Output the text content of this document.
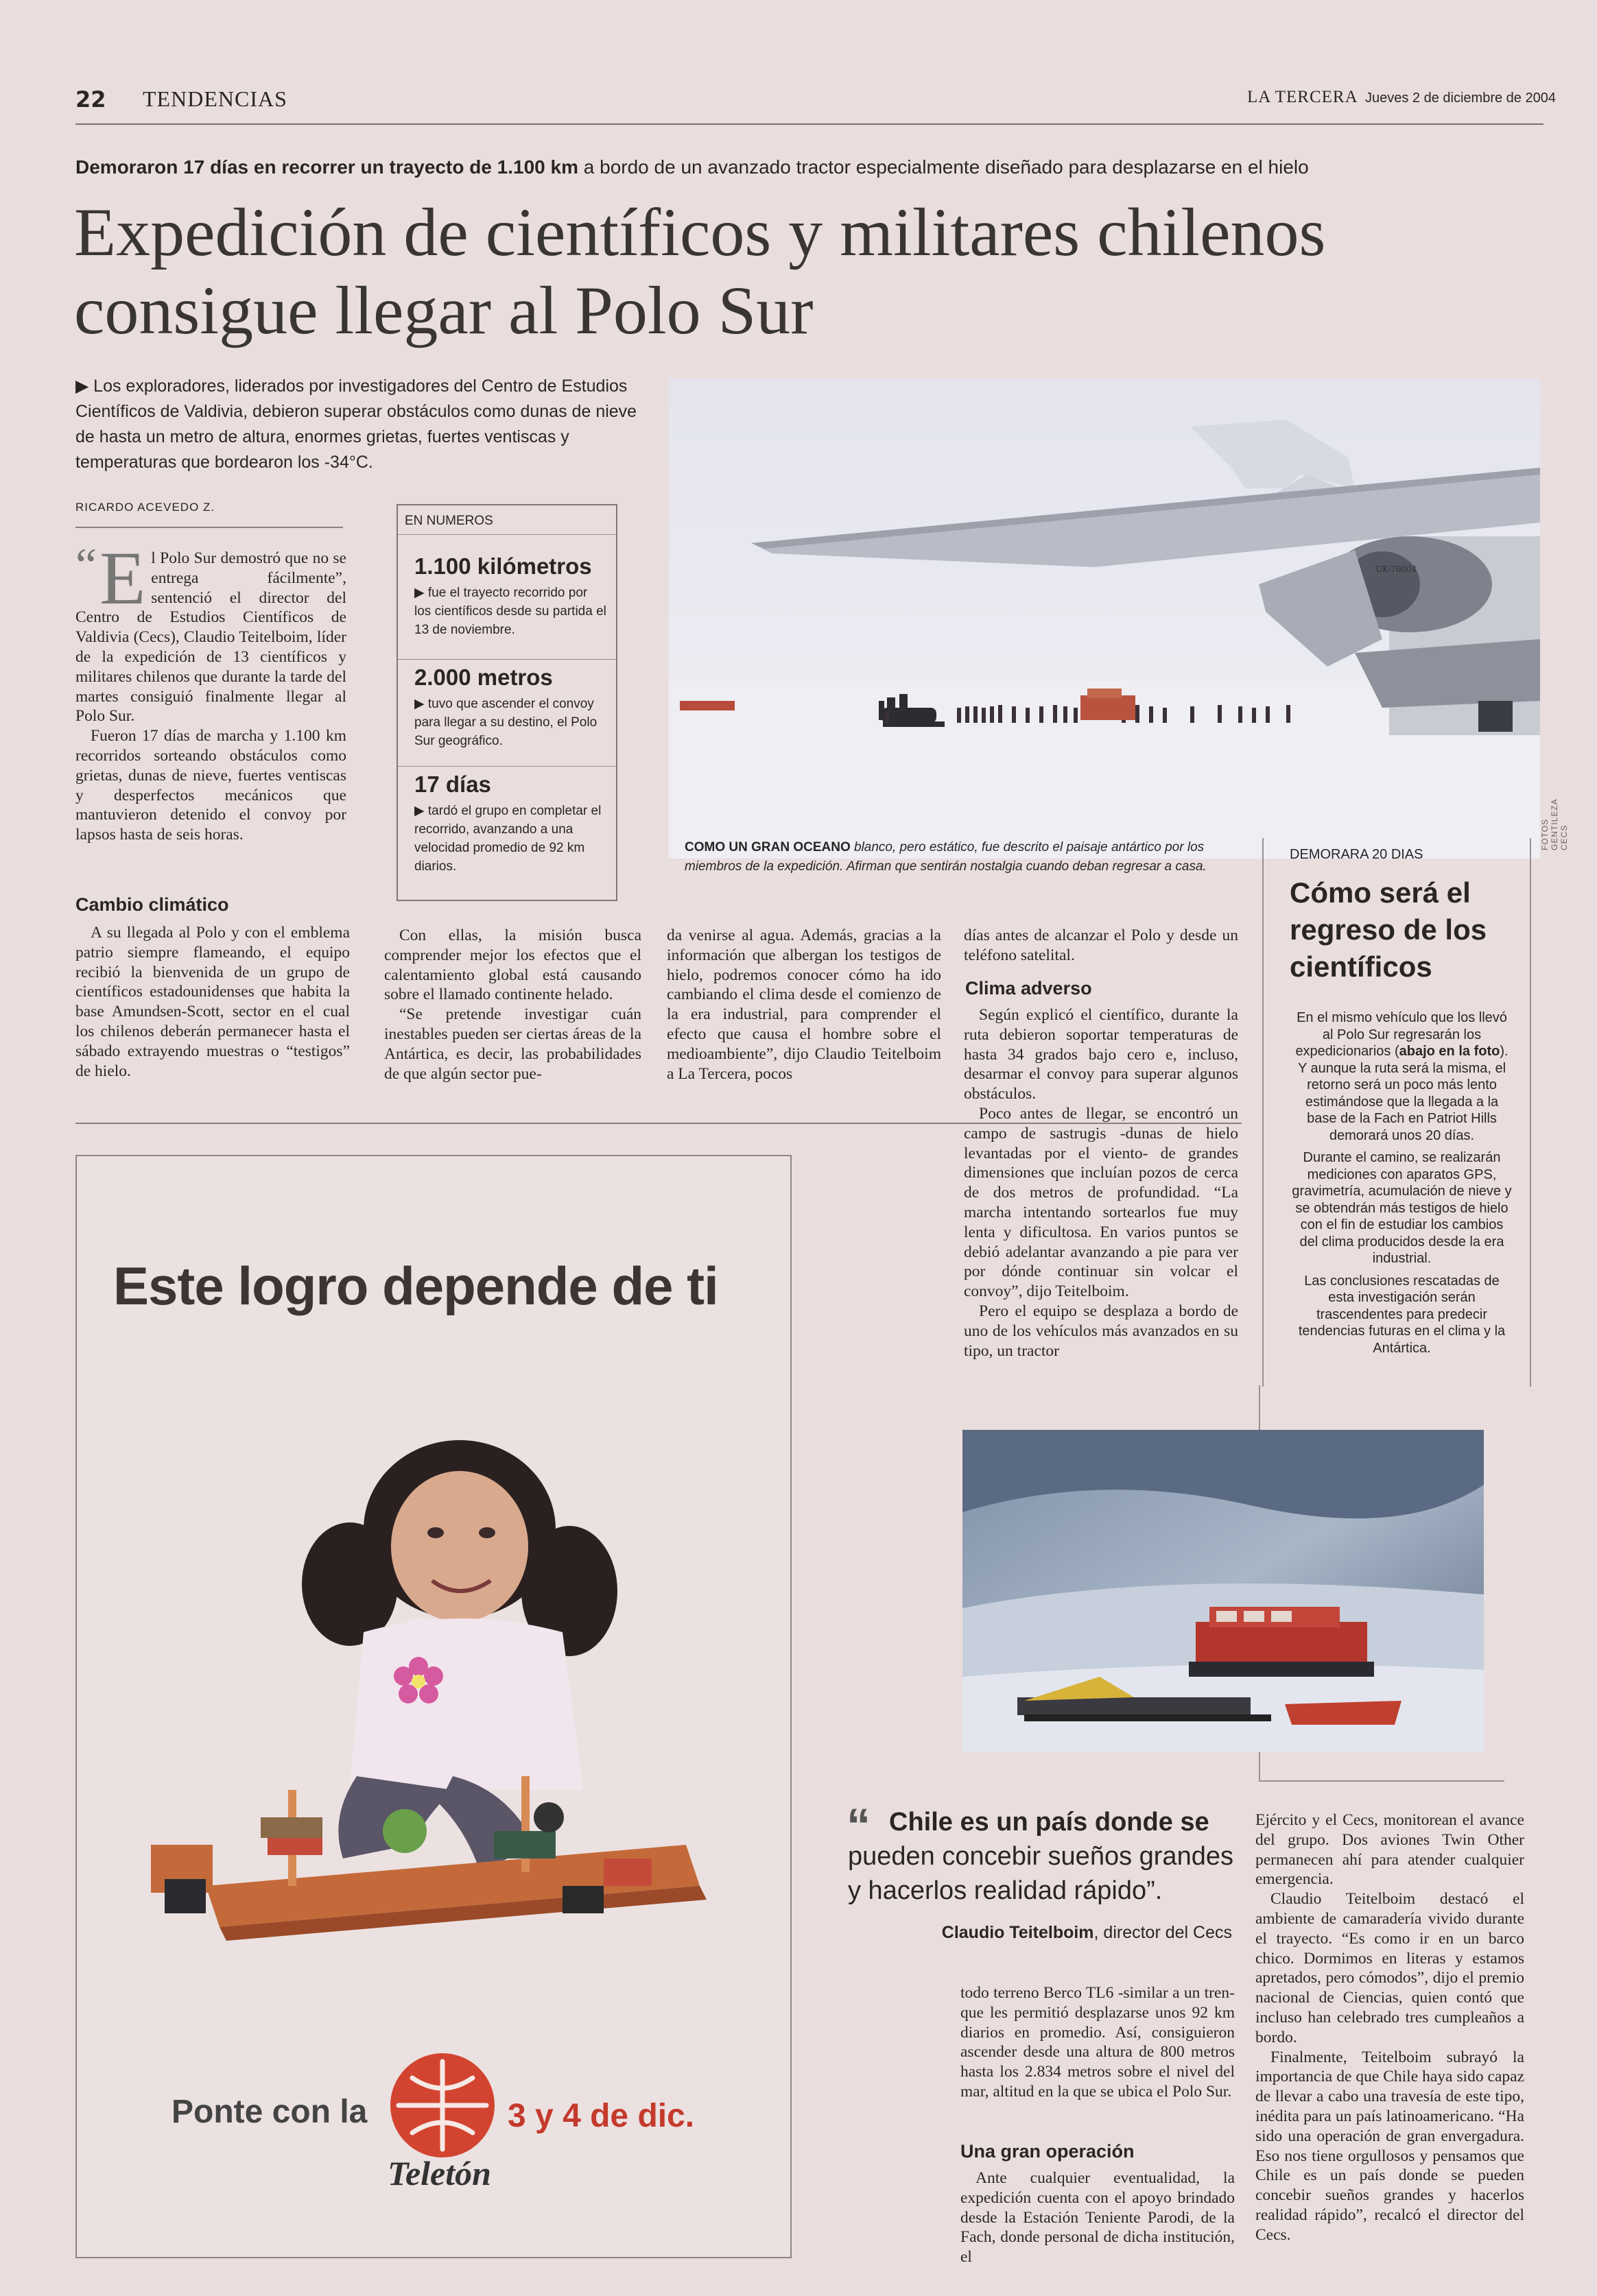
22 TENDENCIAS	LA TERCERA Jueves 2 de diciembre de 2004
Demoraron 17 días en recorrer un trayecto de 1.100 km a bordo de un avanzado tractor especialmente diseñado para desplazarse en el hielo
Expedición de científicos y militares chilenos consigue llegar al Polo Sur
▶ Los exploradores, liderados por investigadores del Centro de Estudios Científicos de Valdivia, debieron superar obstáculos como dunas de nieve de hasta un metro de altura, enormes grietas, fuertes ventiscas y temperaturas que bordearon los -34°C.
RICARDO ACEVEDO Z.
“ E l Polo Sur demostró que no se entrega fácilmente”, sentenció el director del Centro de Estudios Científicos de Valdivia (Cecs), Claudio Teitelboim, líder de la expedición de 13 científicos y militares chilenos que durante la tarde del martes consiguió finalmente llegar al Polo Sur.

Fueron 17 días de marcha y 1.100 km recorridos sorteando obstáculos como grietas, dunas de nieve, fuertes ventiscas y desperfectos mecánicos que mantuvieron detenido el convoy por lapsos hasta de seis horas.

Cambio climático

A su llegada al Polo y con el emblema patrio siempre flameando, el equipo recibió la bienvenida de un grupo de científicos estadounidenses que habita la base Amundsen-Scott, sector en el cual los chilenos deberán permanecer hasta el sábado extrayendo muestras o “testigos” de hielo.

EN NUMEROS
1.100 kilómetros
▶ fue el trayecto recorrido por los científicos desde su partida el 13 de noviembre.
2.000 metros
▶ tuvo que ascender el convoy para llegar a su destino, el Polo Sur geográfico.
17 días
▶ tardó el grupo en completar el recorrido, avanzando a una velocidad promedio de 92 km diarios.
UK-76004
COMO UN GRAN OCEANO blanco, pero estático, fue descrito el paisaje antártico por los miembros de la expedición. Afirman que sentirán nostalgia cuando deban regresar a casa.
FOTOS GENTILEZA CECS

Con ellas, la misión busca comprender mejor los efectos que el calentamiento global está causando sobre el llamado continente helado.

“Se pretende investigar cuán inestables pueden ser ciertas áreas de la Antártica, es decir, las probabilidades de que algún sector pue-

da venirse al agua. Además, gracias a la información que albergan los testigos de hielo, podremos conocer cómo ha ido cambiando el clima desde el comienzo de la era industrial, para comprender el efecto que causa el hombre sobre el medioambiente”, dijo Claudio Teitelboim a La Tercera, pocos

días antes de alcanzar el Polo y desde un teléfono satelital.

Clima adverso

Según explicó el científico, durante la ruta debieron soportar temperaturas de hasta 34 grados bajo cero e, incluso, desarmar el convoy para superar algunos obstáculos.

Poco antes de llegar, se encontró un campo de sastrugis -dunas de hielo levantadas por el viento- de grandes dimensiones que incluían pozos de cerca de dos metros de profundidad. “La marcha intentando sortearlos fue muy lenta y dificultosa. En varios puntos se debió adelantar avanzando a pie para ver por dónde continuar sin volcar el convoy”, dijo Teitelboim.

Pero el equipo se desplaza a bordo de uno de los vehículos más avanzados en su tipo, un tractor

DEMORARA 20 DIAS
Cómo será el regreso de los científicos

En el mismo vehículo que los llevó al Polo Sur regresarán los expedicionarios (abajo en la foto). Y aunque la ruta será la misma, el retorno será un poco más lento estimándose que la llegada a la base de la Fach en Patriot Hills demorará unos 20 días.

Durante el camino, se realizarán mediciones con aparatos GPS, gravimetría, acumulación de nieve y se obtendrán más testigos de hielo con el fin de estudiar los cambios del clima producidos desde la era industrial.

Las conclusiones rescatadas de esta investigación serán trascendentes para predecir tendencias futuras en el clima y la Antártica.

Este logro depende de ti
Ponte con la	3 y 4 de dic.
Teletón
“ Chile es un país donde se pueden concebir sueños grandes y hacerlos realidad rápido”.
Claudio Teitelboim, director del Cecs

todo terreno Berco TL6 -similar a un tren- que les permitió desplazarse unos 92 km diarios en promedio. Así, consiguieron ascender desde una altura de 800 metros hasta los 2.834 metros sobre el nivel del mar, altitud en la que se ubica el Polo Sur.

Una gran operación

Ante cualquier eventualidad, la expedición cuenta con el apoyo brindado desde la Estación Teniente Parodi, de la Fach, donde personal de dicha institución, el

Ejército y el Cecs, monitorean el avance del grupo. Dos aviones Twin Other permanecen ahí para atender cualquier emergencia.

Claudio Teitelboim destacó el ambiente de camaradería vivido durante el trayecto. “Es como ir en un barco chico. Dormimos en literas y estamos apretados, pero cómodos”, dijo el premio nacional de Ciencias, quien contó que incluso han celebrado tres cumpleaños a bordo.

Finalmente, Teitelboim subrayó la importancia de que Chile haya sido capaz de llevar a cabo una travesía de este tipo, inédita para un país latinoamericano. “Ha sido una operación de gran envergadura. Eso nos tiene orgullosos y pensamos que Chile es un país donde se pueden concebir sueños grandes y hacerlos realidad rápido”, recalcó el director del Cecs.
